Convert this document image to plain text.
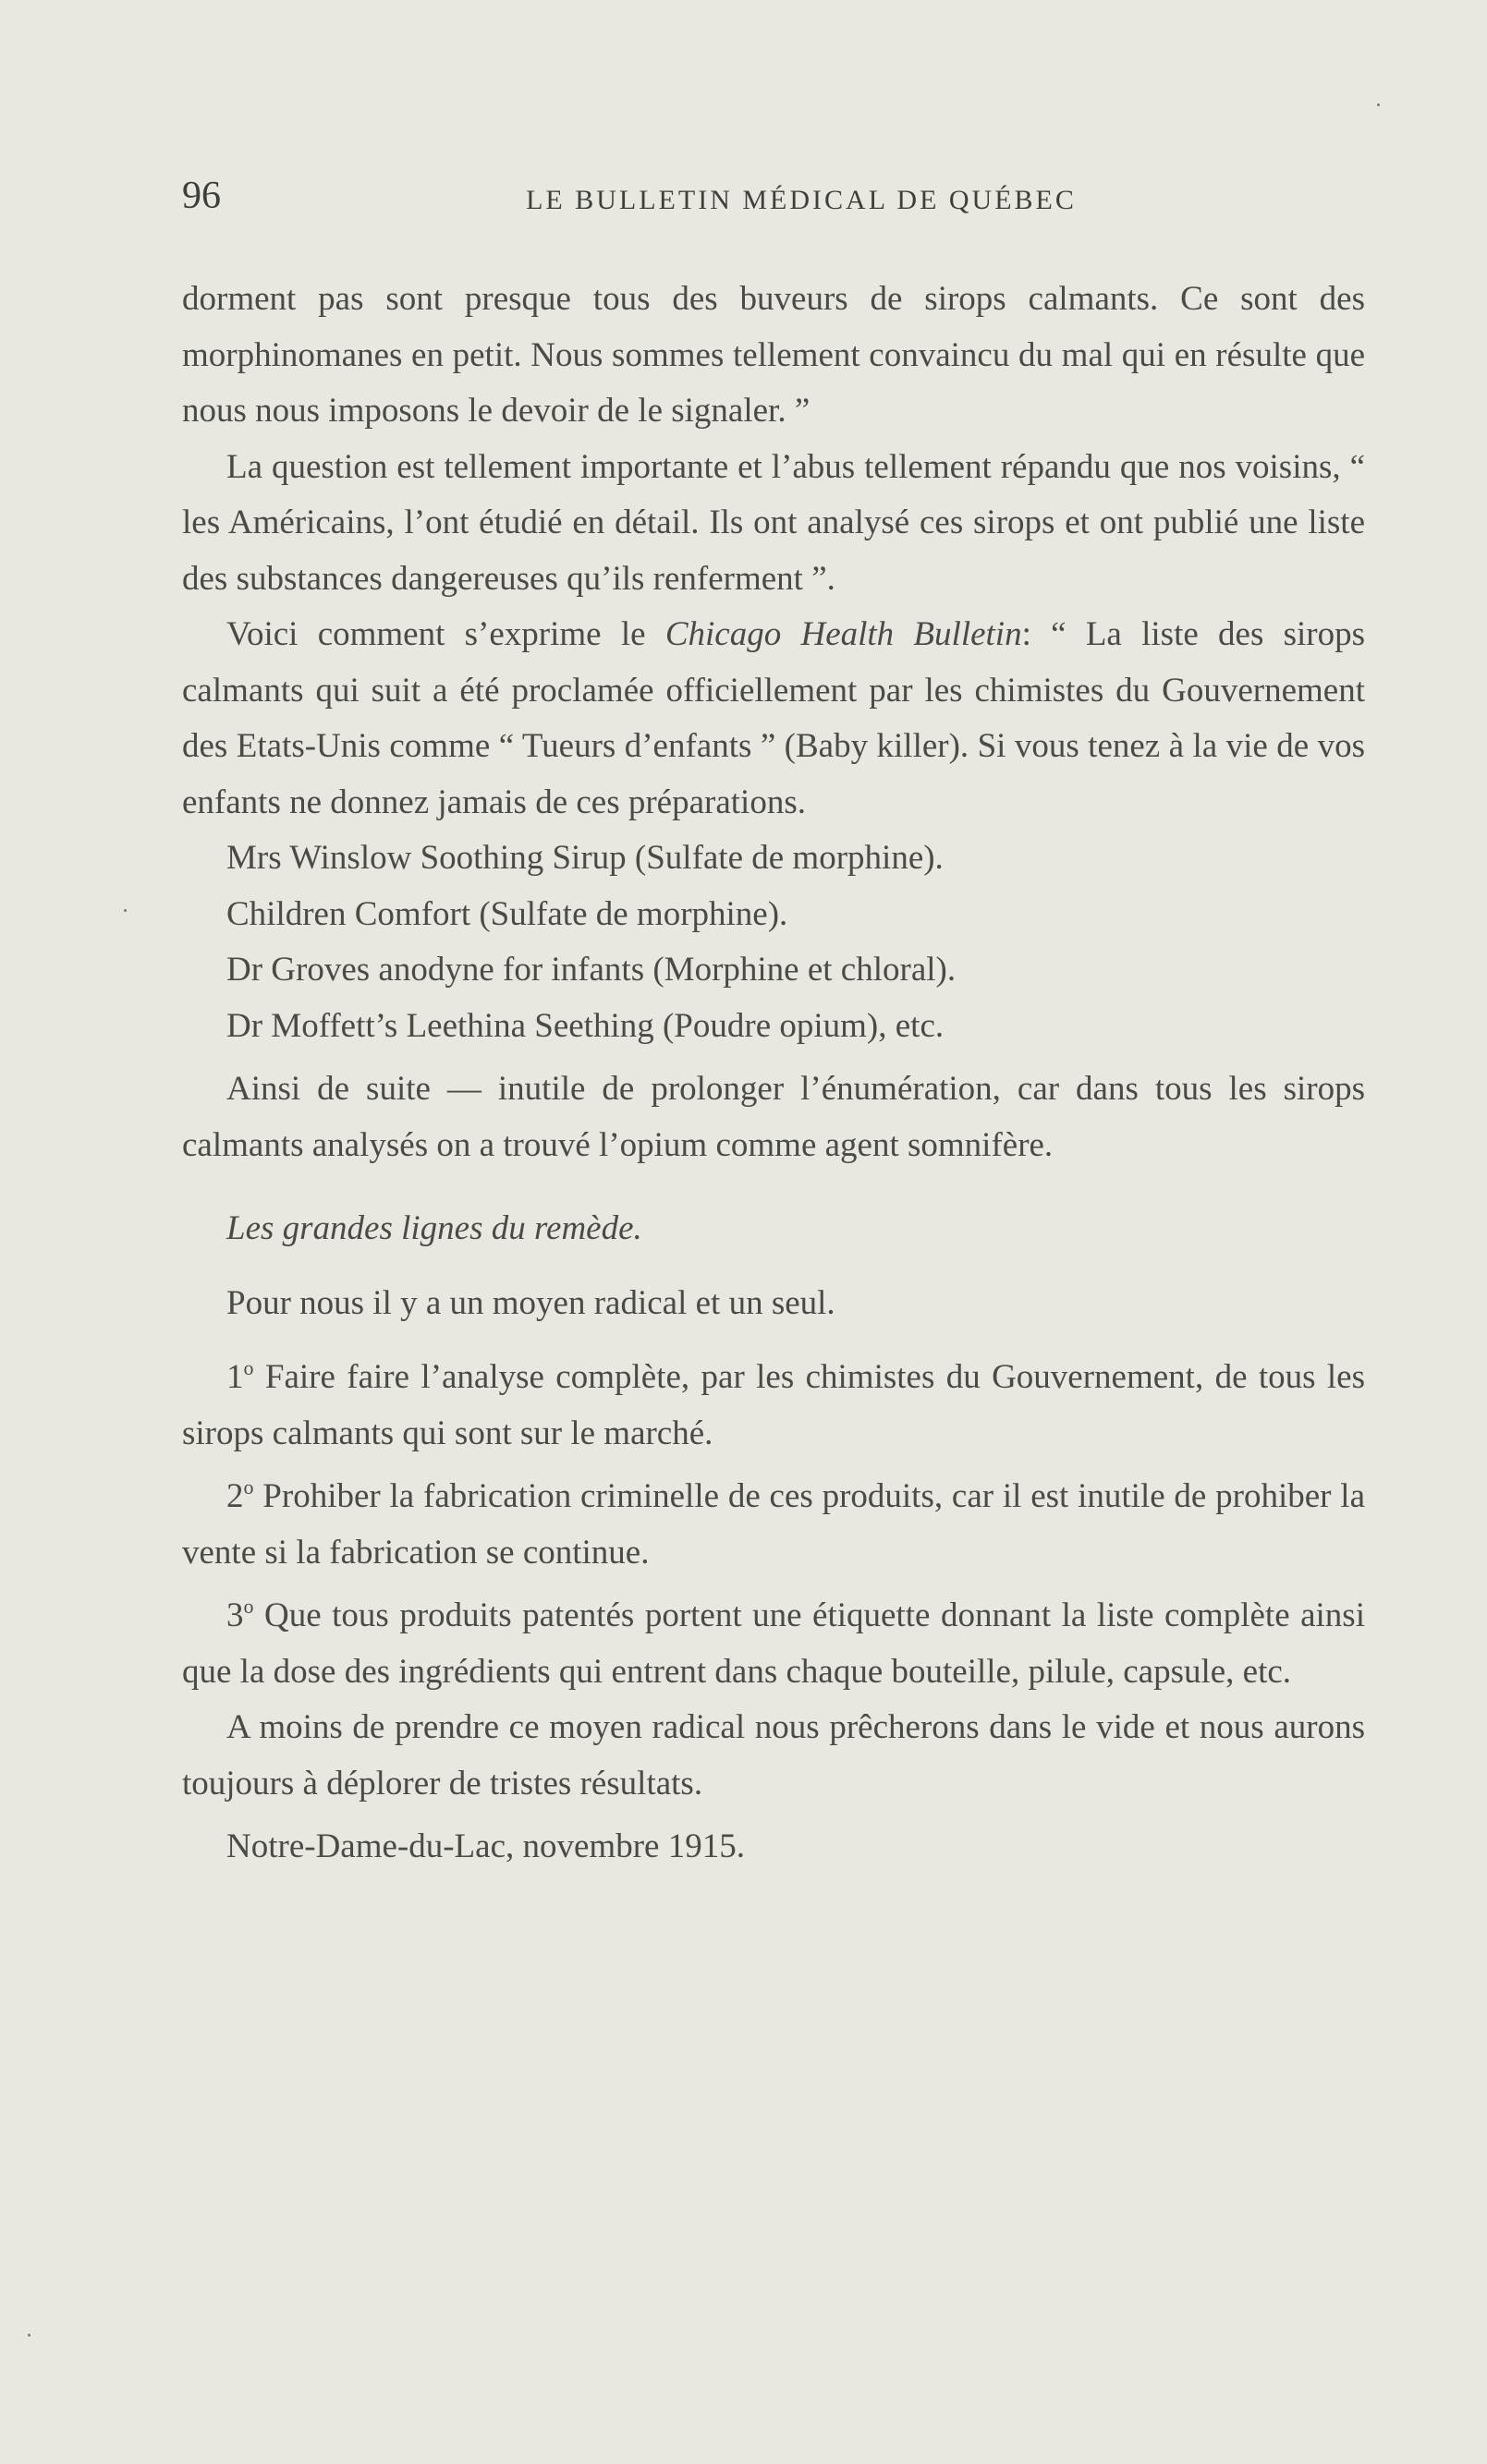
96	LE BULLETIN MÉDICAL DE QUÉBEC

dorment pas sont presque tous des buveurs de sirops calmants. Ce sont des morphinomanes en petit. Nous sommes tellement convaincu du mal qui en résulte que nous nous imposons le devoir de le signaler. ”

La question est tellement importante et l’abus tellement répandu que nos voisins, “ les Américains, l’ont étudié en détail. Ils ont analysé ces sirops et ont publié une liste des substances dangereuses qu’ils renferment ”.

Voici comment s’exprime le Chicago Health Bulletin: “ La liste des sirops calmants qui suit a été proclamée officiellement par les chimistes du Gouvernement des Etats-Unis comme “ Tueurs d’enfants ” (Baby killer). Si vous tenez à la vie de vos enfants ne donnez jamais de ces préparations.

Mrs Winslow Soothing Sirup (Sulfate de morphine).

Children Comfort (Sulfate de morphine).

Dr Groves anodyne for infants (Morphine et chloral).

Dr Moffett’s Leethina Seething (Poudre opium), etc.

Ainsi de suite — inutile de prolonger l’énumération, car dans tous les sirops calmants analysés on a trouvé l’opium comme agent somnifère.

Les grandes lignes du remède.

Pour nous il y a un moyen radical et un seul.

1$^o$ Faire faire l’analyse complète, par les chimistes du Gouvernement, de tous les sirops calmants qui sont sur le marché.

2$^o$ Prohiber la fabrication criminelle de ces produits, car il est inutile de prohiber la vente si la fabrication se continue.

3$^o$ Que tous produits patentés portent une étiquette donnant la liste complète ainsi que la dose des ingrédients qui entrent dans chaque bouteille, pilule, capsule, etc.

A moins de prendre ce moyen radical nous prêcherons dans le vide et nous aurons toujours à déplorer de tristes résultats.

Notre-Dame-du-Lac, novembre 1915.
